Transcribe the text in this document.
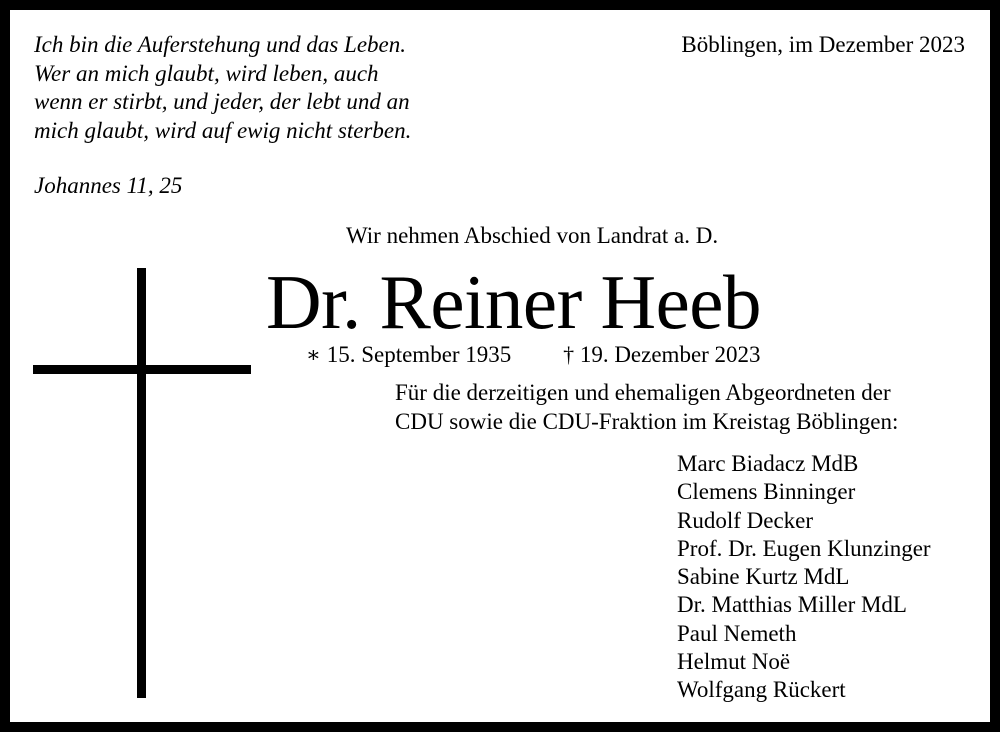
Ich bin die Auferstehung und das Leben.
Wer an mich glaubt, wird leben, auch
wenn er stirbt, und jeder, der lebt und an
mich glaubt, wird auf ewig nicht sterben.
Johannes 11, 25
Böblingen, im Dezember 2023
Wir nehmen Abschied von Landrat a. D.
Dr. Reiner Heeb
∗ 15. September 1935 † 19. Dezember 2023
Für die derzeitigen und ehemaligen Abgeordneten der
CDU sowie die CDU-Fraktion im Kreistag Böblingen:
Marc Biadacz MdB
Clemens Binninger
Rudolf Decker
Prof. Dr. Eugen Klunzinger
Sabine Kurtz MdL
Dr. Matthias Miller MdL
Paul Nemeth
Helmut Noë
Wolfgang Rückert
